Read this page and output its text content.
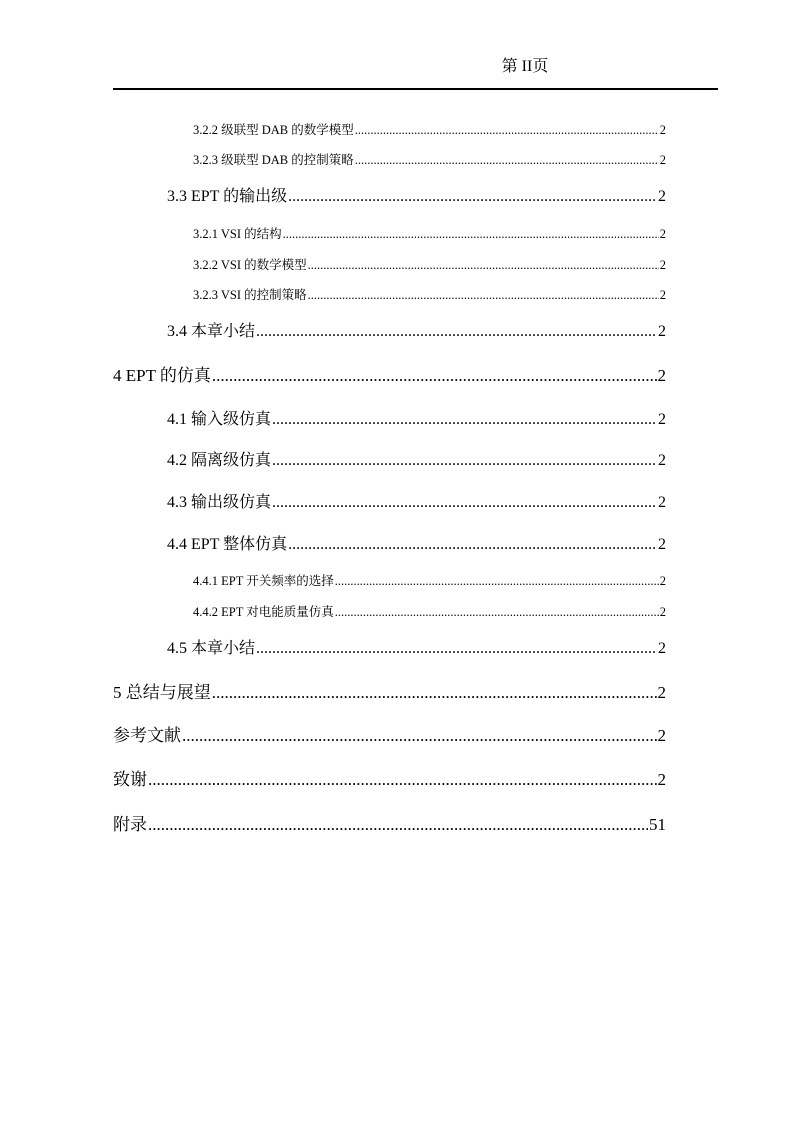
第 II页
3.2.2 级联型 DAB 的数学模型 .....	2
3.2.3 级联型 DAB 的控制策略 .....	2
3.3 EPT 的输出级 .....	2
3.2.1 VSI 的结构 .....	2
3.2.2 VSI 的数学模型 .....	2
3.2.3 VSI 的控制策略 .....	2
3.4 本章小结 .....	2
4 EPT 的仿真 .....	2
4.1 输入级仿真 .....	2
4.2 隔离级仿真 .....	2
4.3 输出级仿真 .....	2
4.4 EPT 整体仿真 .....	2
4.4.1 EPT 开关频率的选择 .....	2
4.4.2 EPT 对电能质量仿真 .....	2
4.5 本章小结 .....	2
5 总结与展望 .....	2
参考文献 .....	2
致谢 .....	2
附录 .....	51
